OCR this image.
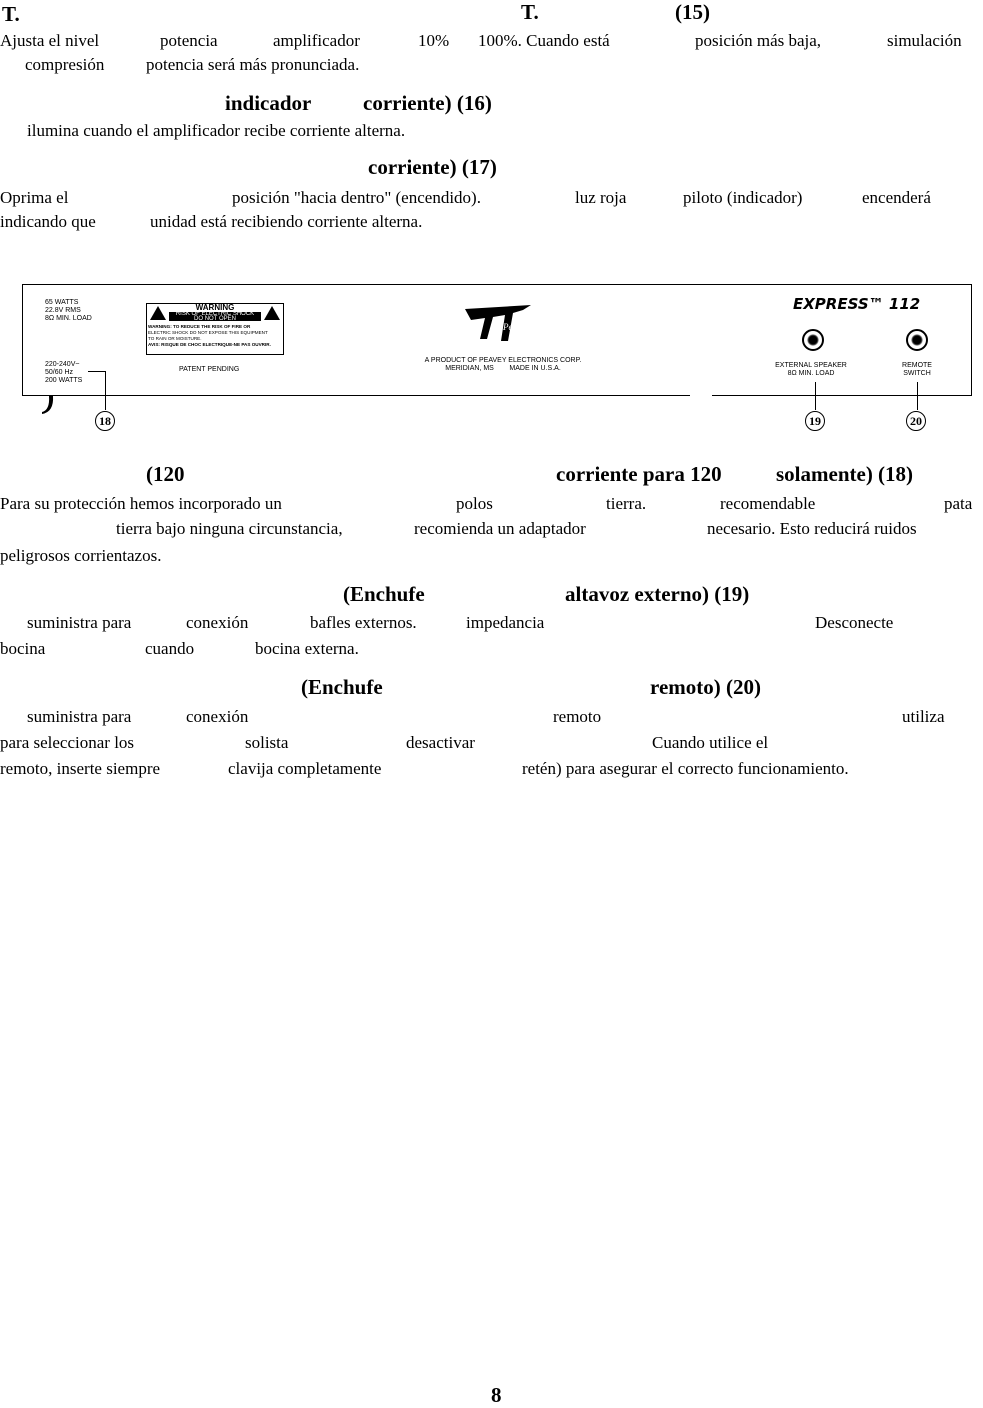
T.	T.	(15)
Ajusta el nivel	potencia	amplificador	10% 100%. Cuando está	posición más baja,	simulación
compresión potencia será más pronunciada.
indicador corriente) (16)
ilumina cuando el amplificador recibe corriente alterna.
corriente) (17)
Oprima el	posición "hacia dentro" (encendido).	luz roja	piloto (indicador)	encenderá
indicando que	unidad está recibiendo corriente alterna.
65 WATTS
22.8V RMS
8Ω MIN. LOAD
WARNING
RISK OF ELECTRIC SHOCK
DO NOT OPEN
WARNING: TO REDUCE THE RISK OF FIRE OR
ELECTRIC SHOCK DO NOT EXPOSE THIS EQUIPMENT
TO RAIN OR MOISTURE.
AVIS: RISQUE DE CHOC ELECTRIQUE-NE PAS OUVRIR.
220-240V~
50/60 Hz
200 WATTS
PATENT PENDING
Peavey
A PRODUCT OF PEAVEY ELECTRONICS CORP.
MERIDIAN, MS MADE IN U.S.A.
EXPRESS™ 112
EXTERNAL SPEAKER
8Ω MIN. LOAD
REMOTE
SWITCH
18	19	20
(120	corriente para 120	solamente) (18)
Para su protección hemos incorporado un	polos	tierra.	recomendable	pata
tierra bajo ninguna circunstancia,	recomienda un adaptador	necesario. Esto reducirá ruidos
peligrosos corrientazos.
(Enchufe	altavoz externo) (19)
suministra para	conexión	bafles externos.	impedancia	Desconecte
bocina	cuando	bocina externa.
(Enchufe	remoto) (20)
suministra para	conexión	remoto	utiliza
para seleccionar los	solista	desactivar	Cuando utilice el
remoto, inserte siempre	clavija completamente	retén) para asegurar el correcto funcionamiento.
8
